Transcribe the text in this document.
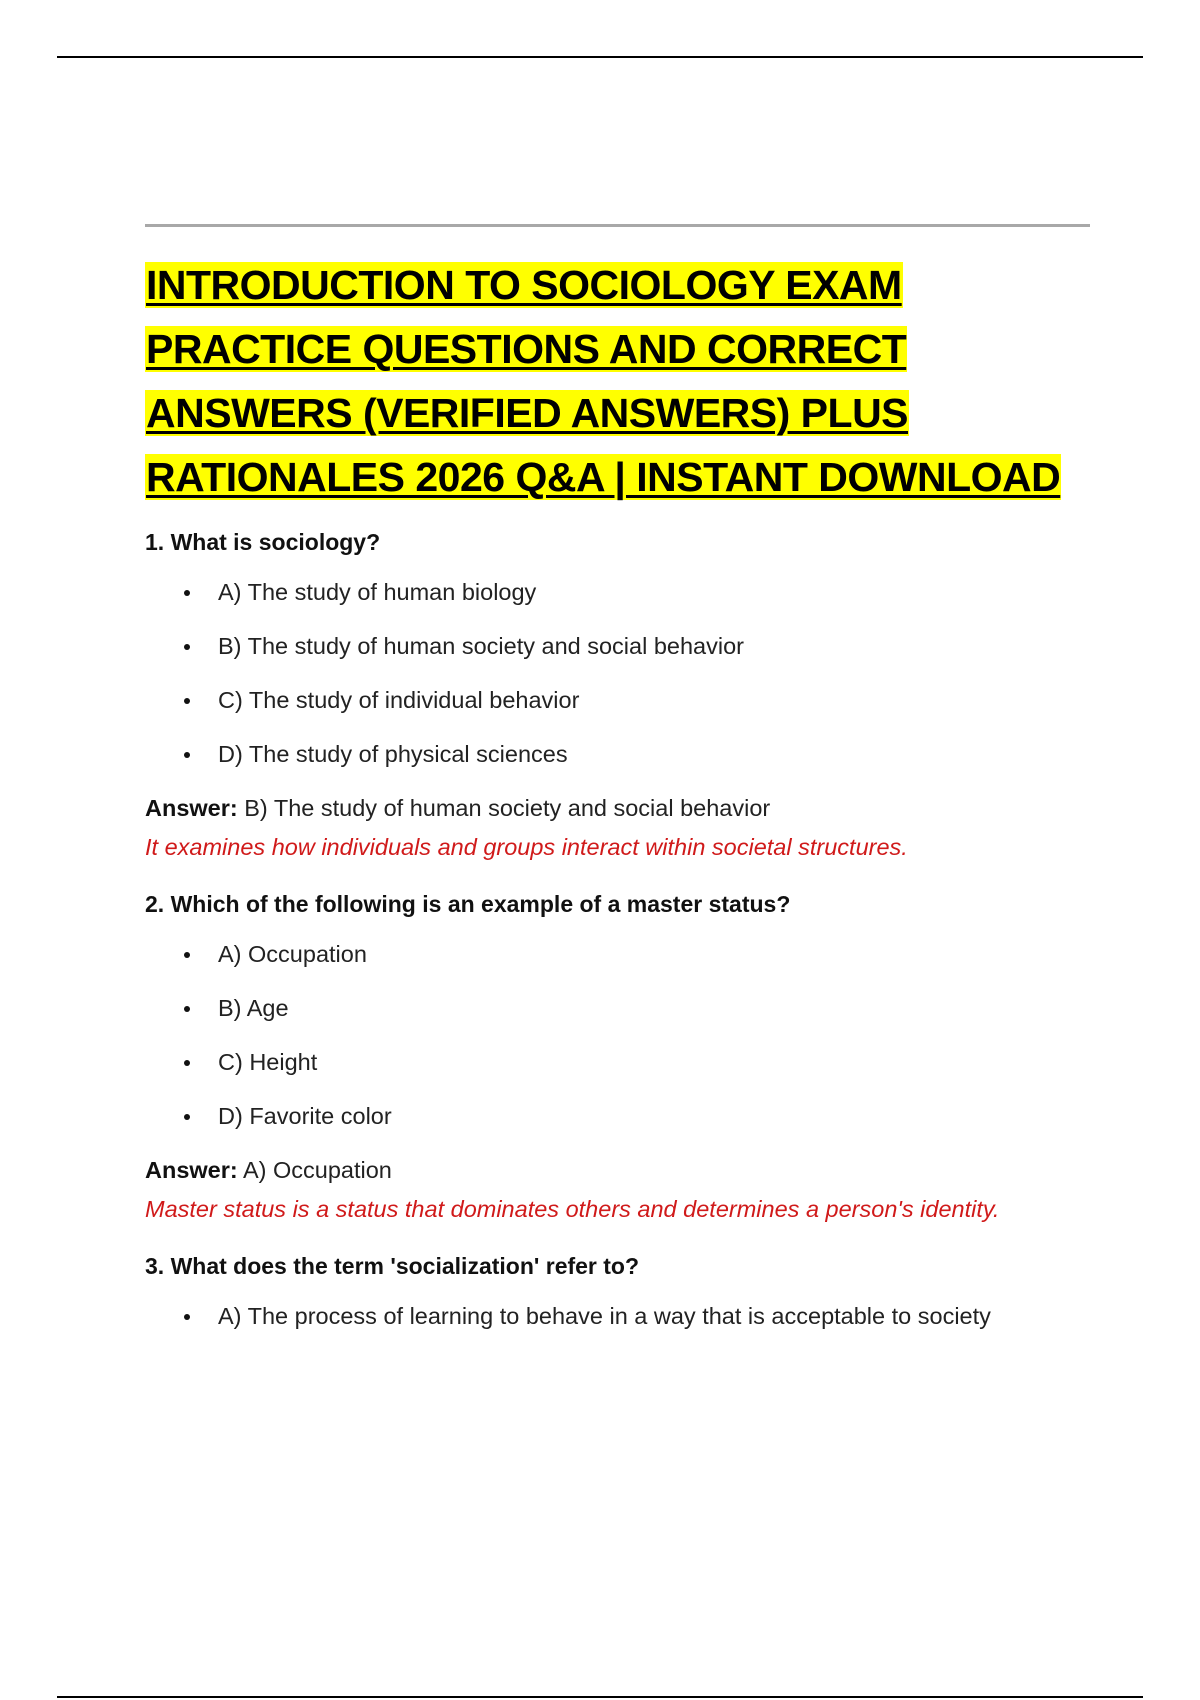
INTRODUCTION TO SOCIOLOGY EXAM PRACTICE QUESTIONS AND CORRECT ANSWERS (VERIFIED ANSWERS) PLUS RATIONALES 2026 Q&A | INSTANT DOWNLOAD

1. What is sociology?

A) The study of human biology
B) The study of human society and social behavior
C) The study of individual behavior
D) The study of physical sciences

Answer: B) The study of human society and social behavior

It examines how individuals and groups interact within societal structures.

2. Which of the following is an example of a master status?

A) Occupation
B) Age
C) Height
D) Favorite color

Answer: A) Occupation

Master status is a status that dominates others and determines a person's identity.

3. What does the term 'socialization' refer to?

A) The process of learning to behave in a way that is acceptable to society
